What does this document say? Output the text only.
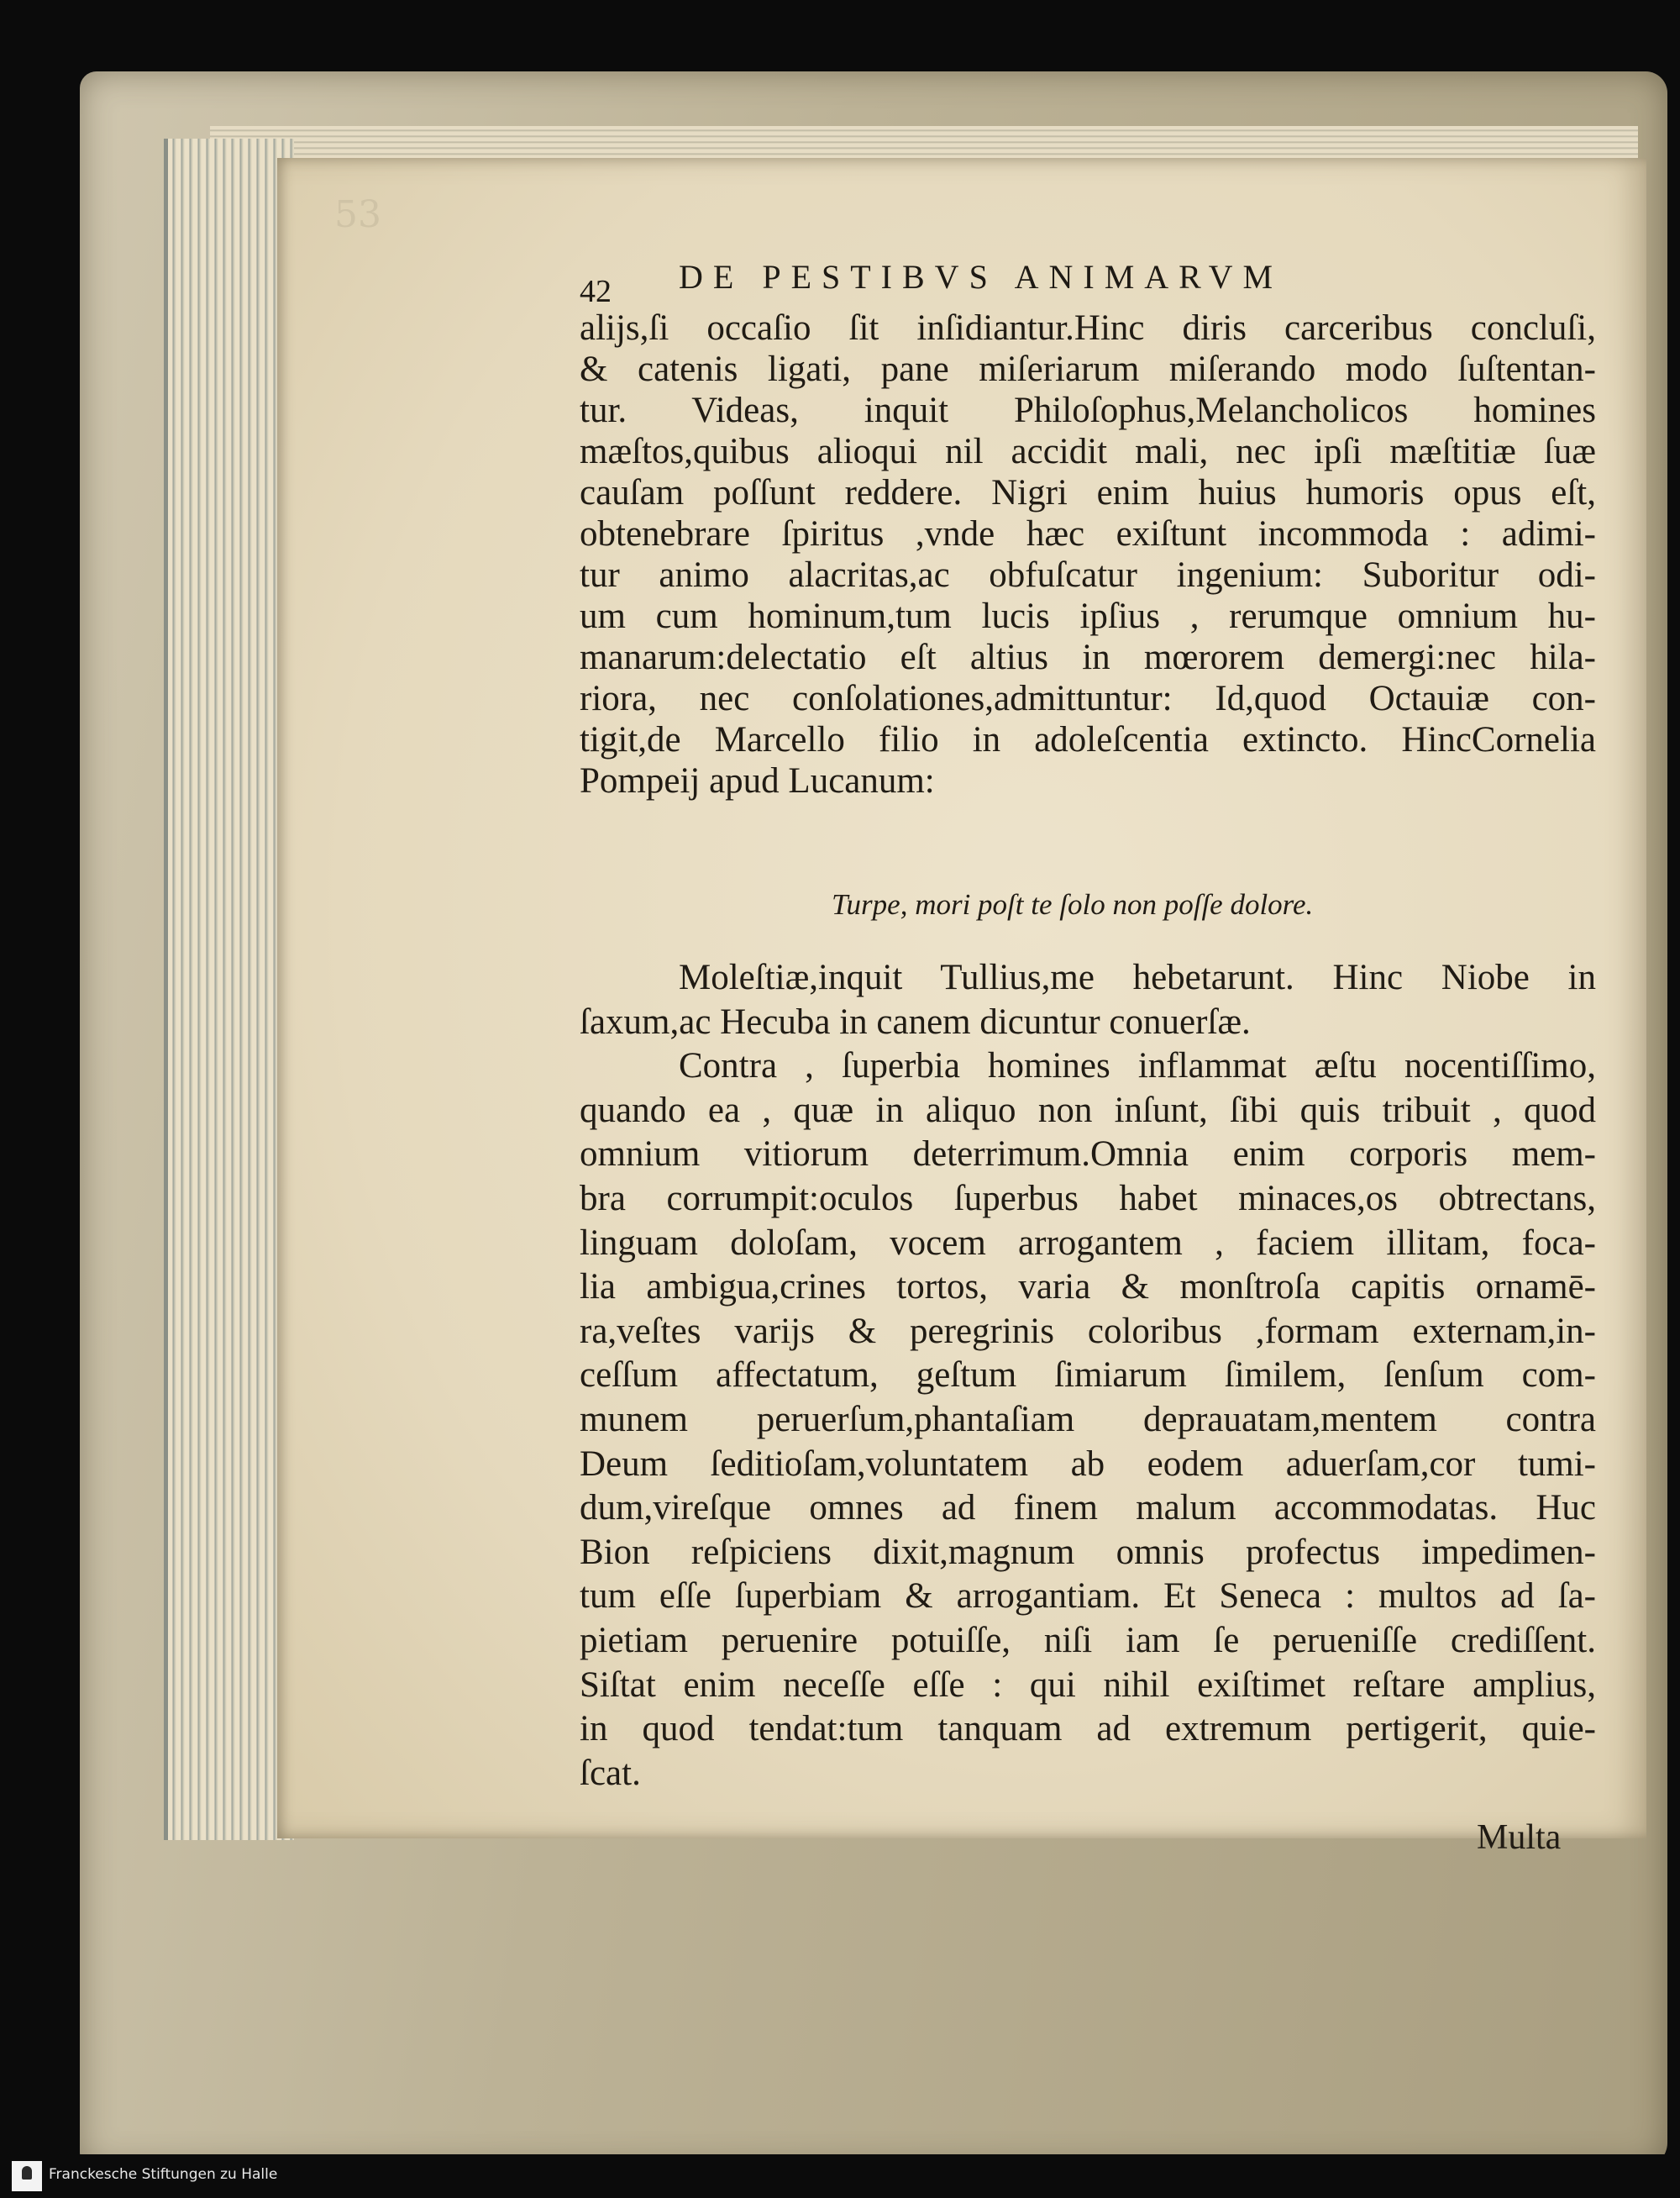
53
42	DE PESTIBVS ANIMARVM
alijs,ſi occaſio ſit inſidiantur.Hinc diris carceribus concluſi,
& catenis ligati, pane miſeriarum miſerando modo ſuſtentan-
tur. Videas, inquit Philoſophus,Melancholicos homines
mæſtos,quibus alioqui nil accidit mali, nec ipſi mæſtitiæ ſuæ
cauſam poſſunt reddere. Nigri enim huius humoris opus eſt,
obtenebrare ſpiritus ,vnde hæc exiſtunt incommoda : adimi-
tur animo alacritas,ac obfuſcatur ingenium: Suboritur odi-
um cum hominum,tum lucis ipſius , rerumque omnium hu-
manarum:delectatio eſt altius in mœrorem demergi:nec hila-
riora, nec conſolationes,admittuntur: Id,quod Octauiæ con-
tigit,de Marcello filio in adoleſcentia extincto. HincCornelia
Pompeij apud Lucanum:
Turpe, mori poſt te ſolo non poſſe dolore.
Moleſtiæ,inquit Tullius,me hebetarunt. Hinc Niobe in
ſaxum,ac Hecuba in canem dicuntur conuerſæ.
Contra , ſuperbia homines inflammat æſtu nocentiſſimo,
quando ea , quæ in aliquo non inſunt, ſibi quis tribuit , quod
omnium vitiorum deterrimum.Omnia enim corporis mem-
bra corrumpit:oculos ſuperbus habet minaces,os obtrectans,
linguam doloſam, vocem arrogantem , faciem illitam, foca-
lia ambigua,crines tortos, varia & monſtroſa capitis ornamē-
ra,veſtes varijs & peregrinis coloribus ,formam externam,in-
ceſſum affectatum, geſtum ſimiarum ſimilem, ſenſum com-
munem peruerſum,phantaſiam deprauatam,mentem contra
Deum ſeditioſam,voluntatem ab eodem aduerſam,cor tumi-
dum,vireſque omnes ad finem malum accommodatas. Huc
Bion reſpiciens dixit,magnum omnis profectus impedimen-
tum eſſe ſuperbiam & arrogantiam. Et Seneca : multos ad ſa-
pietiam peruenire potuiſſe, niſi iam ſe perueniſſe crediſſent.
Siſtat enim neceſſe eſſe : qui nihil exiſtimet reſtare amplius,
in quod tendat:tum tanquam ad extremum pertigerit, quie-
ſcat.
Multa
Franckesche Stiftungen zu Halle
